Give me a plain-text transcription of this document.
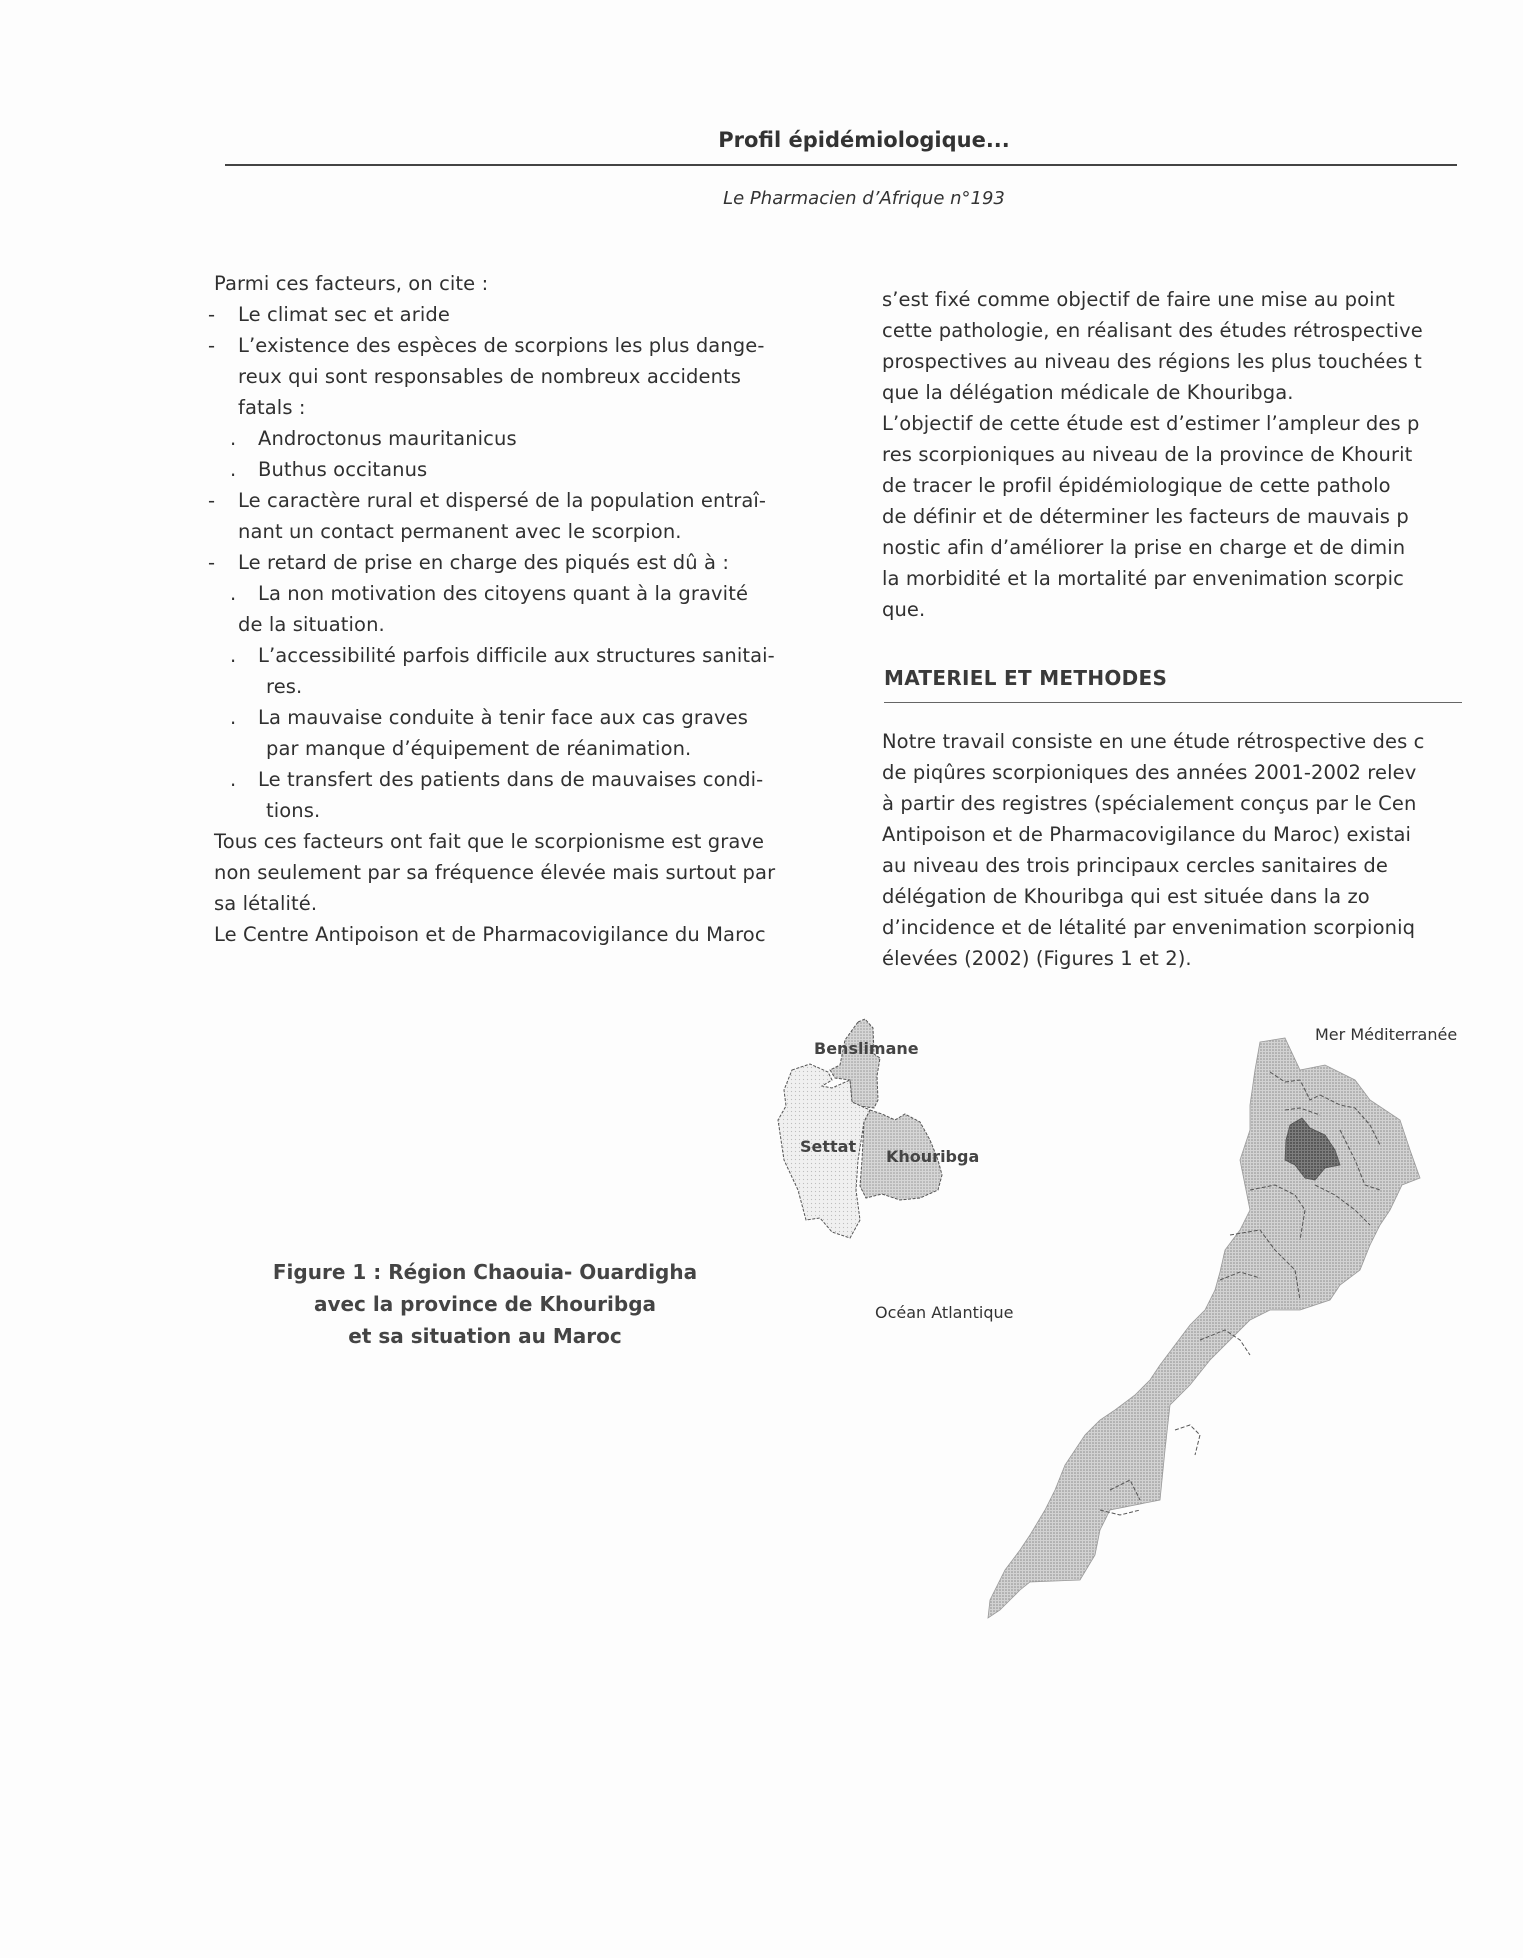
Profil épidémiologique...
Le Pharmacien d’Afrique n°193
Parmi ces facteurs, on cite :
- Le climat sec et aride
- L’existence des espèces de scorpions les plus dange-
reux qui sont responsables de nombreux accidents
fatals :
. Androctonus mauritanicus
. Buthus occitanus
- Le caractère rural et dispersé de la population entraî-
nant un contact permanent avec le scorpion.
- Le retard de prise en charge des piqués est dû à :
. La non motivation des citoyens quant à la gravité
de la situation.
. L’accessibilité parfois difficile aux structures sanitai-
res.
. La mauvaise conduite à tenir face aux cas graves
par manque d’équipement de réanimation.
. Le transfert des patients dans de mauvaises condi-
tions.
Tous ces facteurs ont fait que le scorpionisme est grave
non seulement par sa fréquence élevée mais surtout par
sa létalité.
Le Centre Antipoison et de Pharmacovigilance du Maroc
s’est fixé comme objectif de faire une mise au point
cette pathologie, en réalisant des études rétrospective
prospectives au niveau des régions les plus touchées t
que la délégation médicale de Khouribga.
L’objectif de cette étude est d’estimer l’ampleur des p
res scorpioniques au niveau de la province de Khourit
de tracer le profil épidémiologique de cette patholo
de définir et de déterminer les facteurs de mauvais p
nostic afin d’améliorer la prise en charge et de dimin
la morbidité et la mortalité par envenimation scorpic
que.
MATERIEL ET METHODES
Notre travail consiste en une étude rétrospective des c
de piqûres scorpioniques des années 2001-2002 relev
à partir des registres (spécialement conçus par le Cen
Antipoison et de Pharmacovigilance du Maroc) existai
au niveau des trois principaux cercles sanitaires de
délégation de Khouribga qui est située dans la zo
d’incidence et de létalité par envenimation scorpioniq
élevées (2002) (Figures 1 et 2).
Figure 1 : Région Chaouia- Ouardigha
avec la province de Khouribga
et sa situation au Maroc
Benslimane
Settat
Khouribga
Mer Méditerranée
Océan Atlantique
